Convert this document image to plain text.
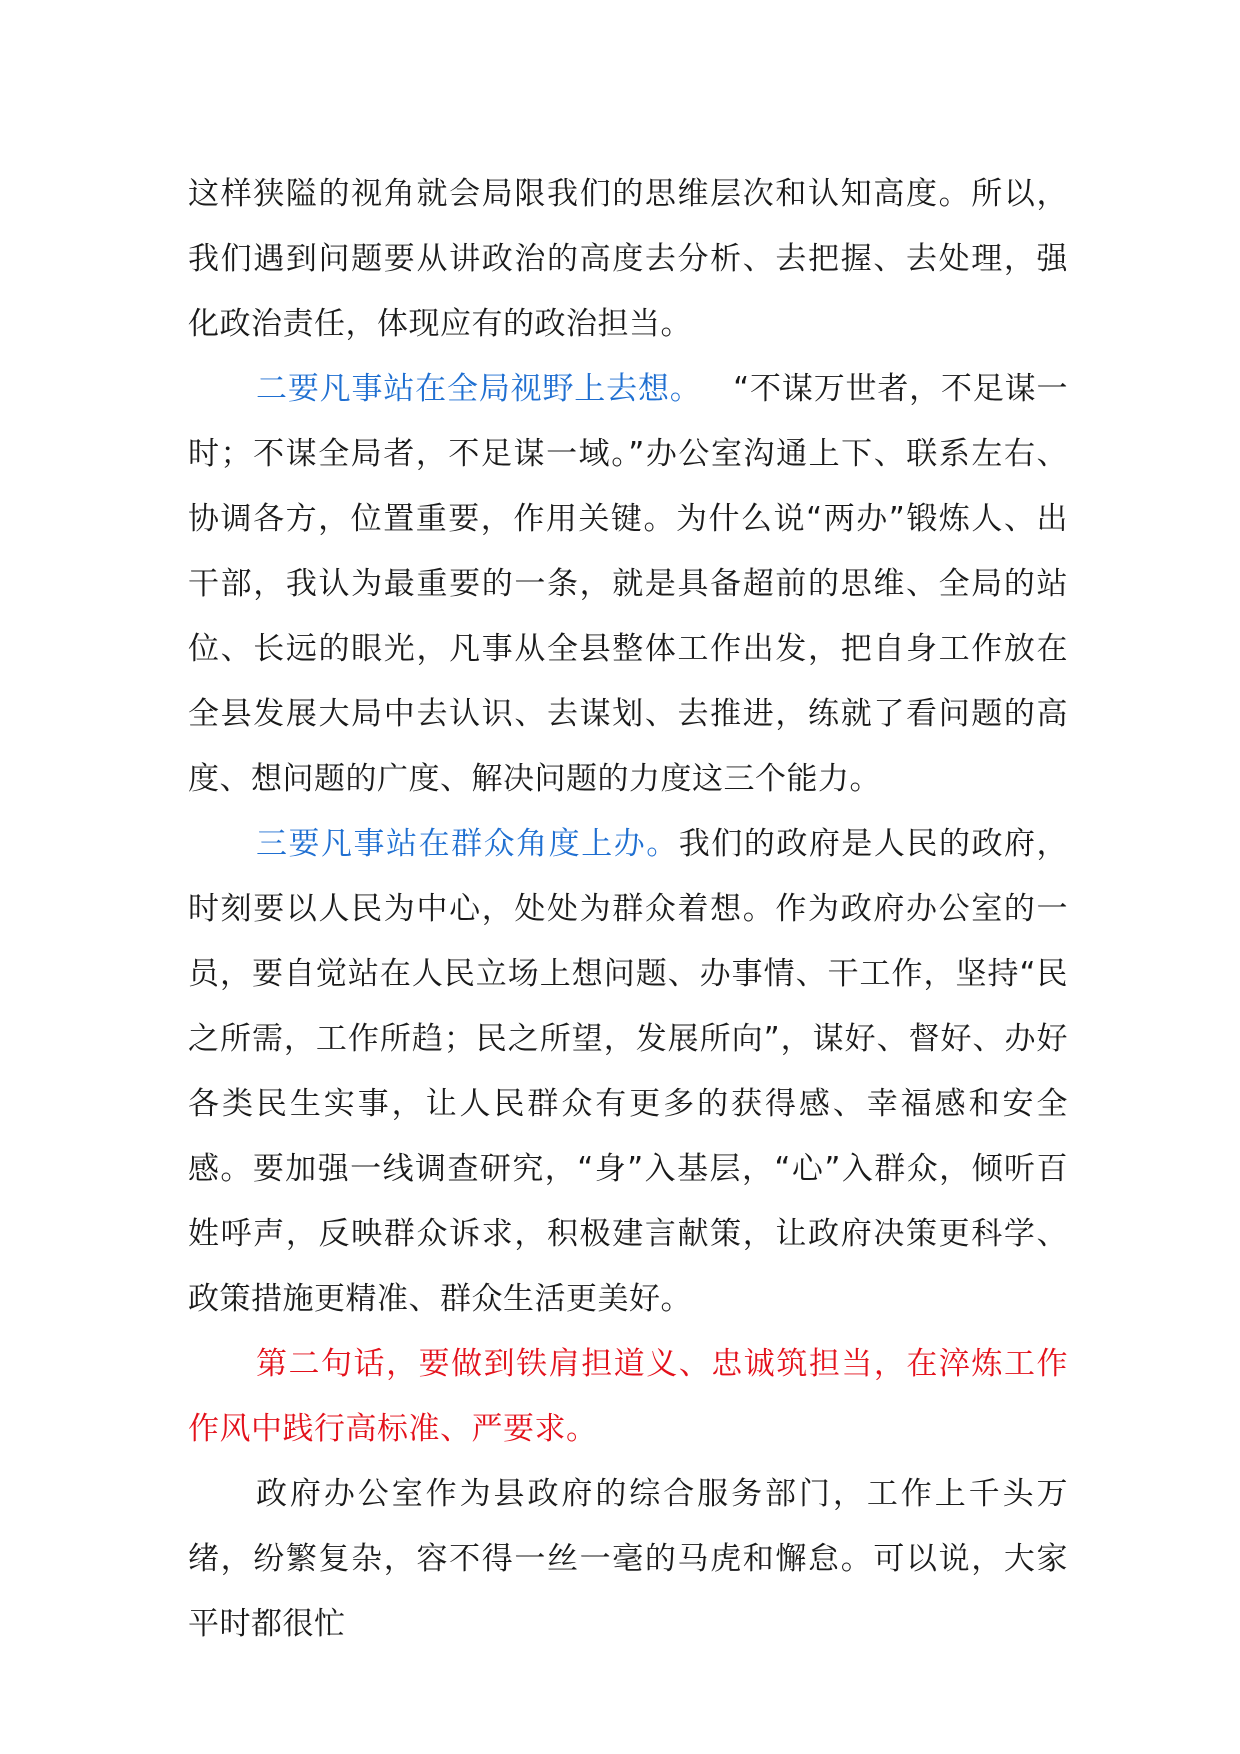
这样狭隘的视角就会局限我们的思维层次和认知高度。所以，我们遇到问题要从讲政治的高度去分析、去把握、去处理，强化政治责任，体现应有的政治担当。

二要凡事站在全局视野上去想。  “不谋万世者，不足谋一时；不谋全局者，不足谋一域。”办公室沟通上下、联系左右、协调各方，位置重要，作用关键。为什么说“两办”锻炼人、出干部，我认为最重要的一条，就是具备超前的思维、全局的站位、长远的眼光，凡事从全县整体工作出发，把自身工作放在全县发展大局中去认识、去谋划、去推进，练就了看问题的高度、想问题的广度、解决问题的力度这三个能力。

三要凡事站在群众角度上办。我们的政府是人民的政府，时刻要以人民为中心，处处为群众着想。作为政府办公室的一员，要自觉站在人民立场上想问题、办事情、干工作，坚持“民之所需，工作所趋；民之所望，发展所向”，谋好、督好、办好各类民生实事，让人民群众有更多的获得感、幸福感和安全感。要加强一线调查研究，“身”入基层，“心”入群众，倾听百姓呼声，反映群众诉求，积极建言献策，让政府决策更科学、政策措施更精准、群众生活更美好。

第二句话，要做到铁肩担道义、忠诚筑担当，在淬炼工作作风中践行高标准、严要求。

政府办公室作为县政府的综合服务部门，工作上千头万绪，纷繁复杂，容不得一丝一毫的马虎和懈怠。可以说，大家平时都很忙
